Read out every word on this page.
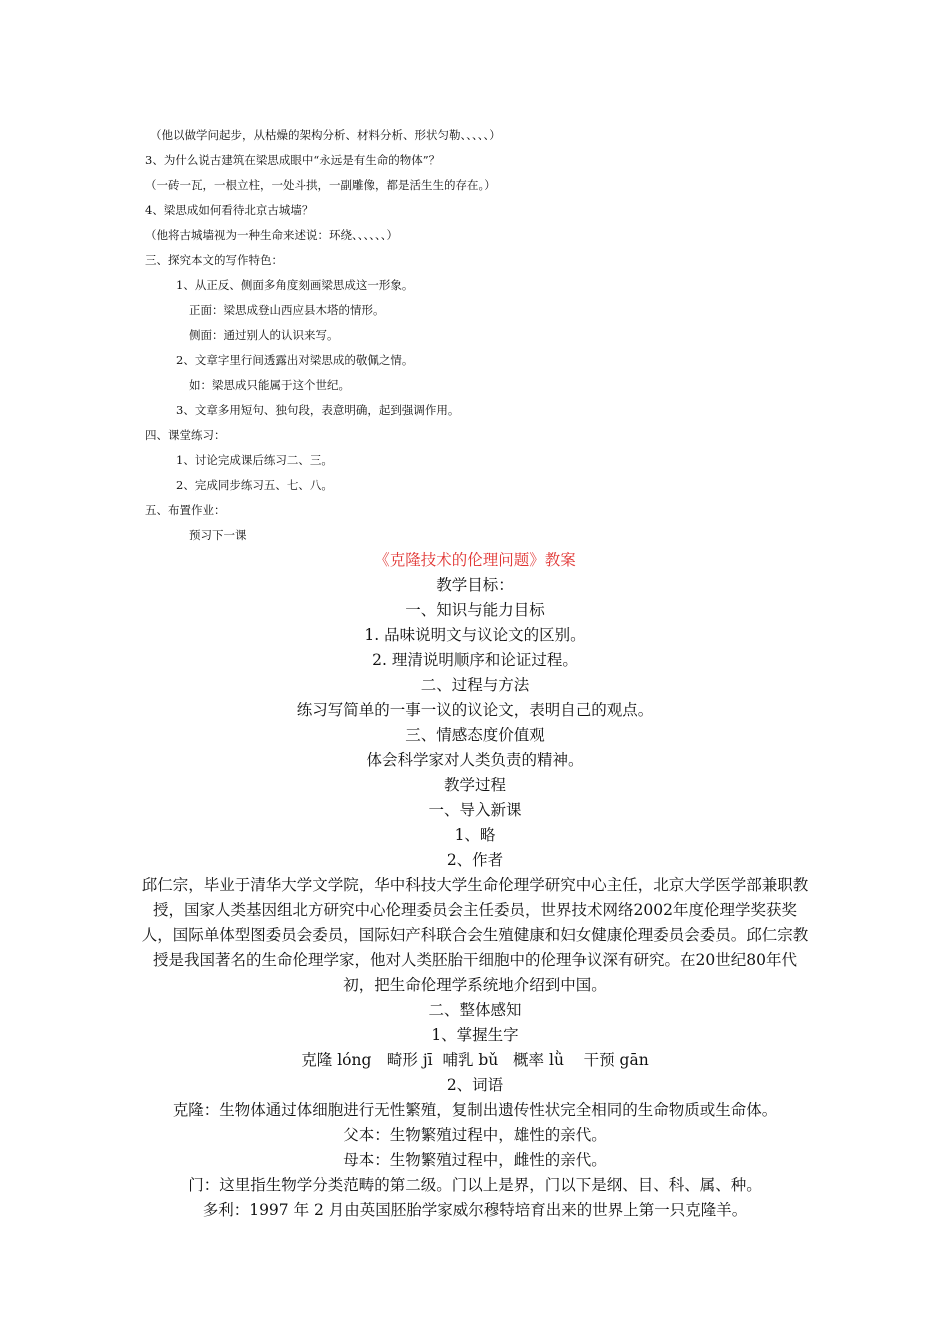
（他以做学问起步，从枯燥的架构分析、材料分析、形状匀勒、、、、、）
3、为什么说古建筑在梁思成眼中“永远是有生命的物体”？
（一砖一瓦，一根立柱，一处斗拱，一副雕像，都是活生生的存在。）
4、梁思成如何看待北京古城墙？
（他将古城墙视为一种生命来述说：环绕、、、、、、）
三、探究本文的写作特色：
1、从正反、侧面多角度刻画梁思成这一形象。
正面：梁思成登山西应县木塔的情形。
侧面：通过别人的认识来写。
2、文章字里行间透露出对梁思成的敬佩之情。
如：梁思成只能属于这个世纪。
3、文章多用短句、独句段，表意明确，起到强调作用。
四、课堂练习：
1、讨论完成课后练习二、三。
2、完成同步练习五、七、八。
五、布置作业：
预习下一课
《克隆技术的伦理问题》教案
教学目标：
一、知识与能力目标
1. 品味说明文与议论文的区别。
2. 理清说明顺序和论证过程。
二、过程与方法
练习写简单的一事一议的议论文，表明自己的观点。
三、情感态度价值观
体会科学家对人类负责的精神。
教学过程
一、导入新课
1、略
2、作者
邱仁宗，毕业于清华大学文学院，华中科技大学生命伦理学研究中心主任，北京大学医学部兼职教授，国家人类基因组北方研究中心伦理委员会主任委员，世界技术网络2002年度伦理学奖获奖人，国际单体型图委员会委员，国际妇产科联合会生殖健康和妇女健康伦理委员会委员。邱仁宗教授是我国著名的生命伦理学家，他对人类胚胎干细胞中的伦理争议深有研究。在20世纪80年代初，把生命伦理学系统地介绍到中国。
二、整体感知
1、掌握生字
克隆 lóng　畸形 jī  哺乳 bǔ   概率 lǜ    干预 gān
2、词语
克隆：生物体通过体细胞进行无性繁殖，复制出遗传性状完全相同的生命物质或生命体。
父本：生物繁殖过程中，雄性的亲代。
母本：生物繁殖过程中，雌性的亲代。
门：这里指生物学分类范畴的第二级。门以上是界，门以下是纲、目、科、属、种。
多利：1997 年 2 月由英国胚胎学家威尔穆特培育出来的世界上第一只克隆羊。
